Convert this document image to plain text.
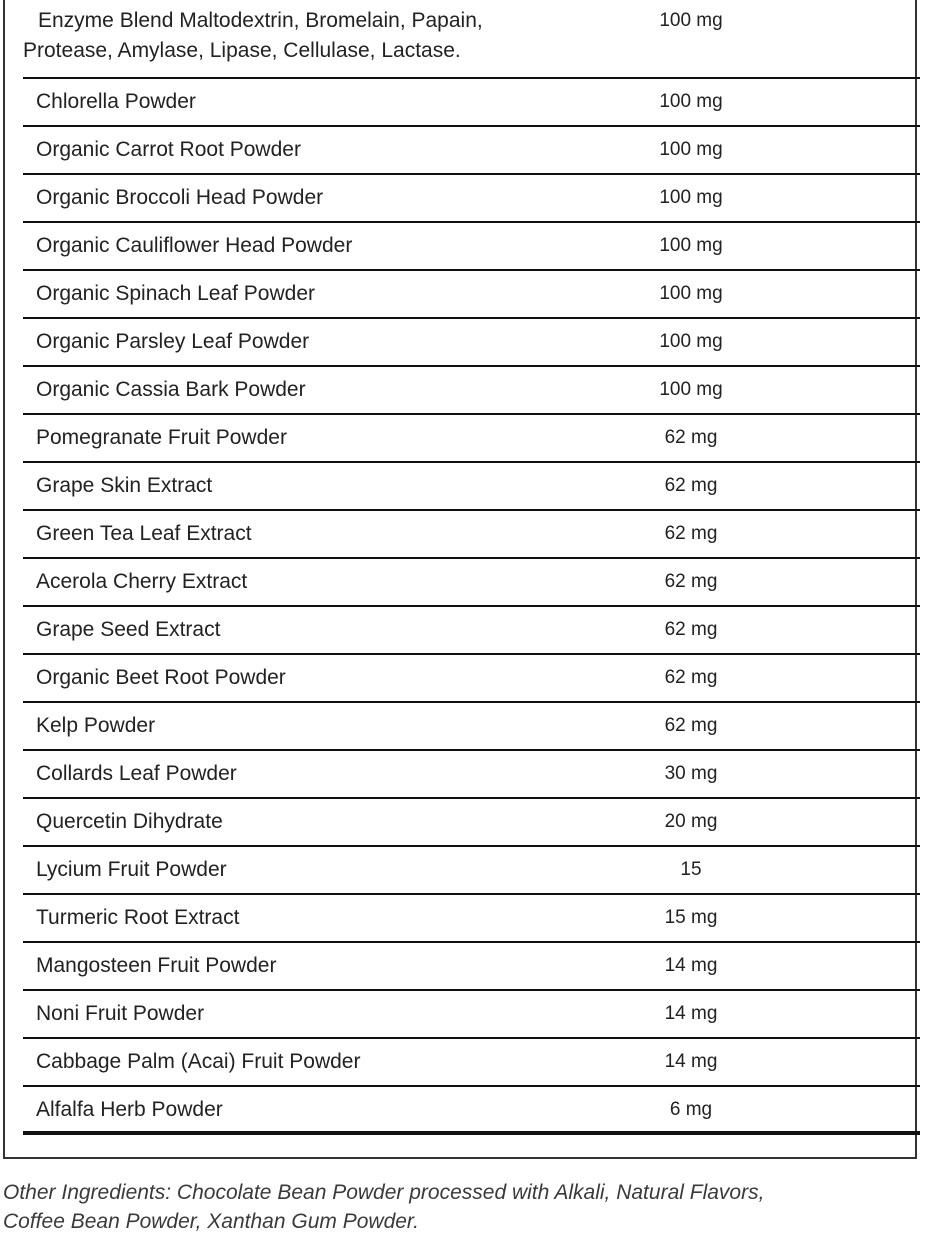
Enzyme Blend Maltodextrin, Bromelain, Papain,
Protease, Amylase, Lipase, Cellulase, Lactase.	100 mg

Chlorella Powder	100 mg

Organic Carrot Root Powder	100 mg

Organic Broccoli Head Powder	100 mg

Organic Cauliflower Head Powder	100 mg

Organic Spinach Leaf Powder	100 mg

Organic Parsley Leaf Powder	100 mg

Organic Cassia Bark Powder	100 mg

Pomegranate Fruit Powder	62 mg

Grape Skin Extract	62 mg

Green Tea Leaf Extract	62 mg

Acerola Cherry Extract	62 mg

Grape Seed Extract	62 mg

Organic Beet Root Powder	62 mg

Kelp Powder	62 mg

Collards Leaf Powder	30 mg

Quercetin Dihydrate	20 mg

Lycium Fruit Powder	15

Turmeric Root Extract	15 mg

Mangosteen Fruit Powder	14 mg

Noni Fruit Powder	14 mg

Cabbage Palm (Acai) Fruit Powder	14 mg

Alfalfa Herb Powder	6 mg

Other Ingredients: Chocolate Bean Powder processed with Alkali, Natural Flavors,
Coffee Bean Powder, Xanthan Gum Powder.
